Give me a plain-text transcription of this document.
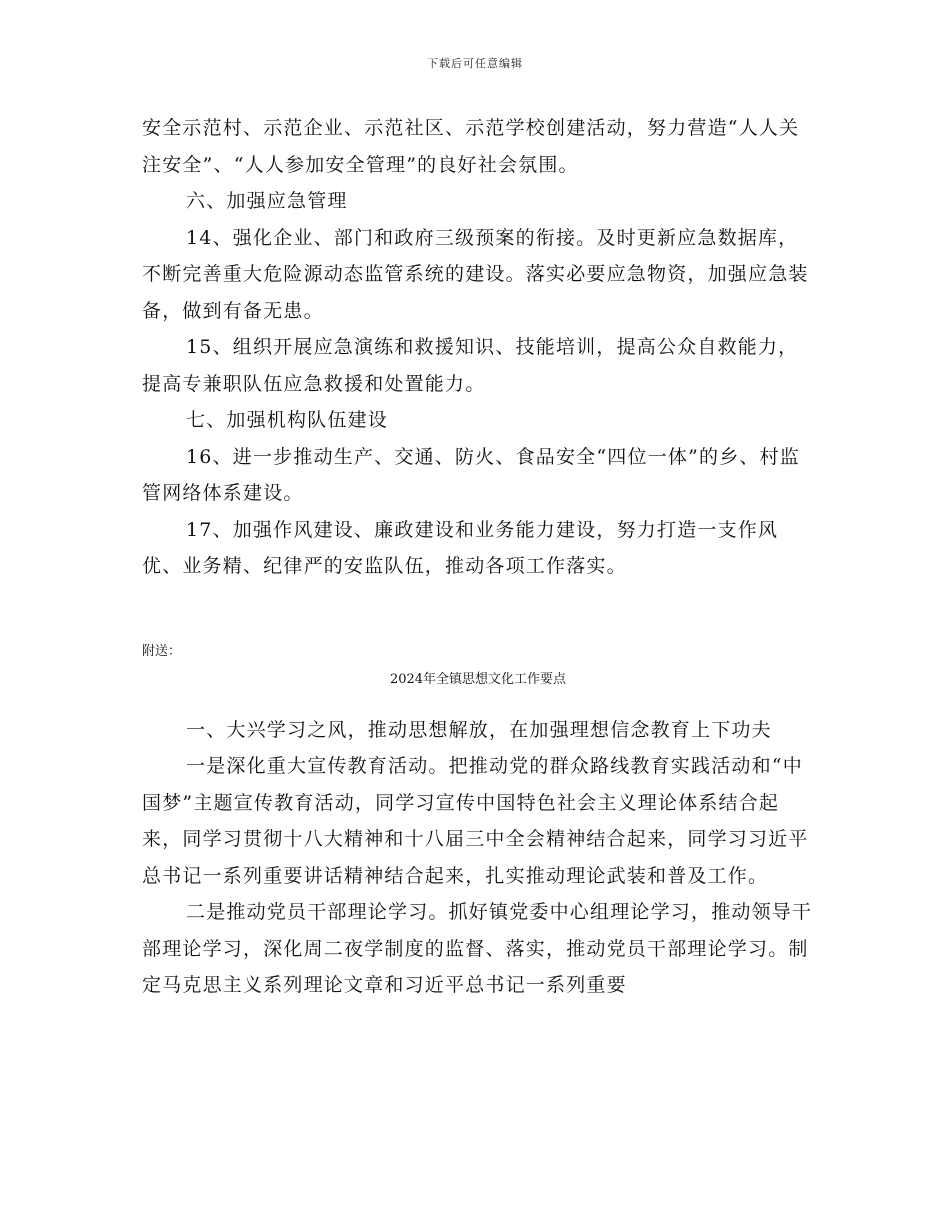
下载后可任意编辑

安全示范村、示范企业、示范社区、示范学校创建活动，努力营造“人人关注安全”、“人人参加安全管理”的良好社会氛围。

六、加强应急管理

14、强化企业、部门和政府三级预案的衔接。及时更新应急数据库，不断完善重大危险源动态监管系统的建设。落实必要应急物资，加强应急装备，做到有备无患。

15、组织开展应急演练和救援知识、技能培训，提高公众自救能力，提高专兼职队伍应急救援和处置能力。

七、加强机构队伍建设

16、进一步推动生产、交通、防火、食品安全“四位一体”的乡、村监管网络体系建设。

17、加强作风建设、廉政建设和业务能力建设，努力打造一支作风优、业务精、纪律严的安监队伍，推动各项工作落实。

附送：

2024年全镇思想文化工作要点

一、大兴学习之风，推动思想解放，在加强理想信念教育上下功夫

一是深化重大宣传教育活动。把推动党的群众路线教育实践活动和“中国梦”主题宣传教育活动，同学习宣传中国特色社会主义理论体系结合起来，同学习贯彻十八大精神和十八届三中全会精神结合起来，同学习习近平总书记一系列重要讲话精神结合起来，扎实推动理论武装和普及工作。

二是推动党员干部理论学习。抓好镇党委中心组理论学习，推动领导干部理论学习，深化周二夜学制度的监督、落实，推动党员干部理论学习。制定马克思主义系列理论文章和习近平总书记一系列重要
